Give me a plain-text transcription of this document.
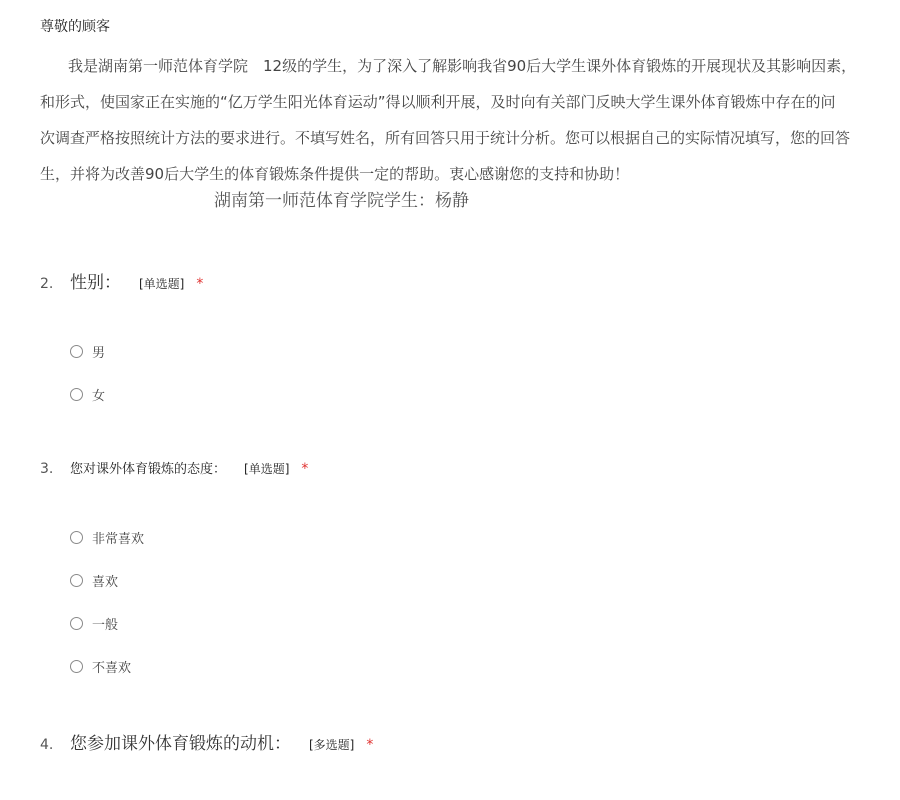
尊敬的顾客
我是湖南第一师范体育学院　12级的学生，为了深入了解影响我省90后大学生课外体育锻炼的开展现状及其影响因素，
和形式，使国家正在实施的“亿万学生阳光体育运动”得以顺利开展，及时向有关部门反映大学生课外体育锻炼中存在的问
次调查严格按照统计方法的要求进行。不填写姓名，所有回答只用于统计分析。您可以根据自己的实际情况填写，您的回答
生，并将为改善90后大学生的体育锻炼条件提供一定的帮助。衷心感谢您的支持和协助！
湖南第一师范体育学院学生：杨静
2. 性别： [单选题] *
男
女
3.	您对课外体育锻炼的态度： [单选题] *
非常喜欢
喜欢
一般
不喜欢
4. 您参加课外体育锻炼的动机： [多选题] *
